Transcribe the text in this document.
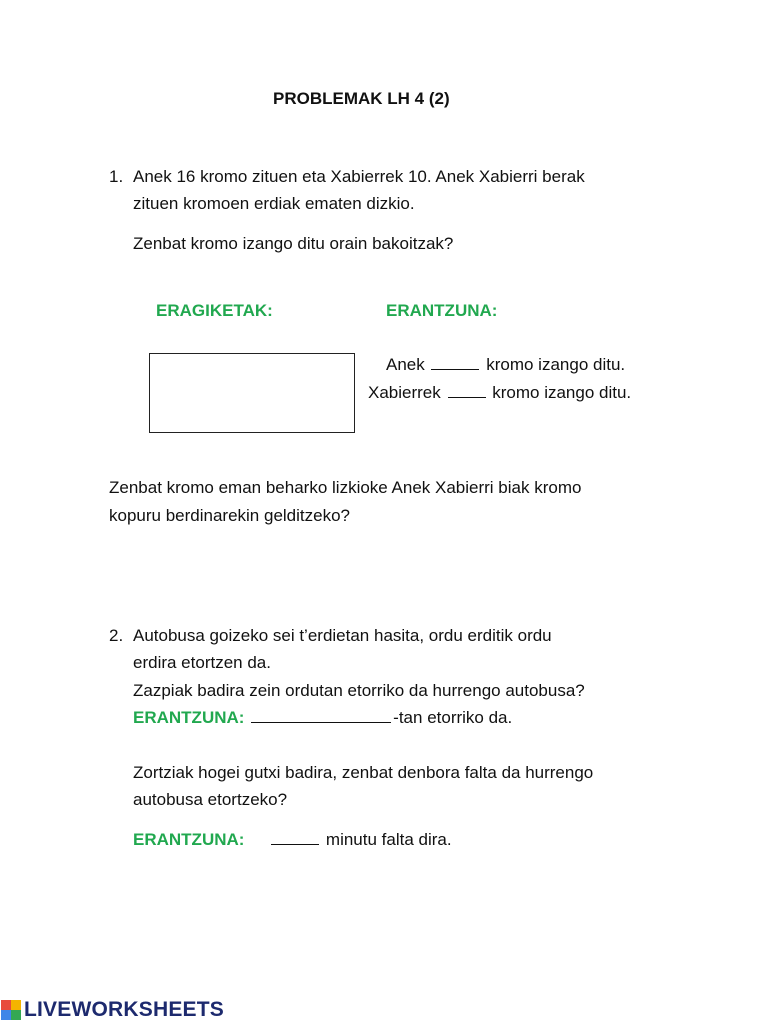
PROBLEMAK LH 4 (2)
1. Anek 16 kromo zituen eta Xabierrek 10. Anek Xabierri berak
zituen kromoen erdiak ematen dizkio.
Zenbat kromo izango ditu orain bakoitzak?
ERAGIKETAK:	ERANTZUNA:
Anek	kromo izango ditu.
Xabierrek	kromo izango ditu.
Zenbat kromo eman beharko lizkioke Anek Xabierri biak kromo
kopuru berdinarekin gelditzeko?
2. Autobusa goizeko sei t’erdietan hasita, ordu erditik ordu
erdira etortzen da.
Zazpiak badira zein ordutan etorriko da hurrengo autobusa?
ERANTZUNA:	-tan etorriko da.
Zortziak hogei gutxi badira, zenbat denbora falta da hurrengo
autobusa etortzeko?
ERANTZUNA:	minutu falta dira.
LIVEWORKSHEETS
